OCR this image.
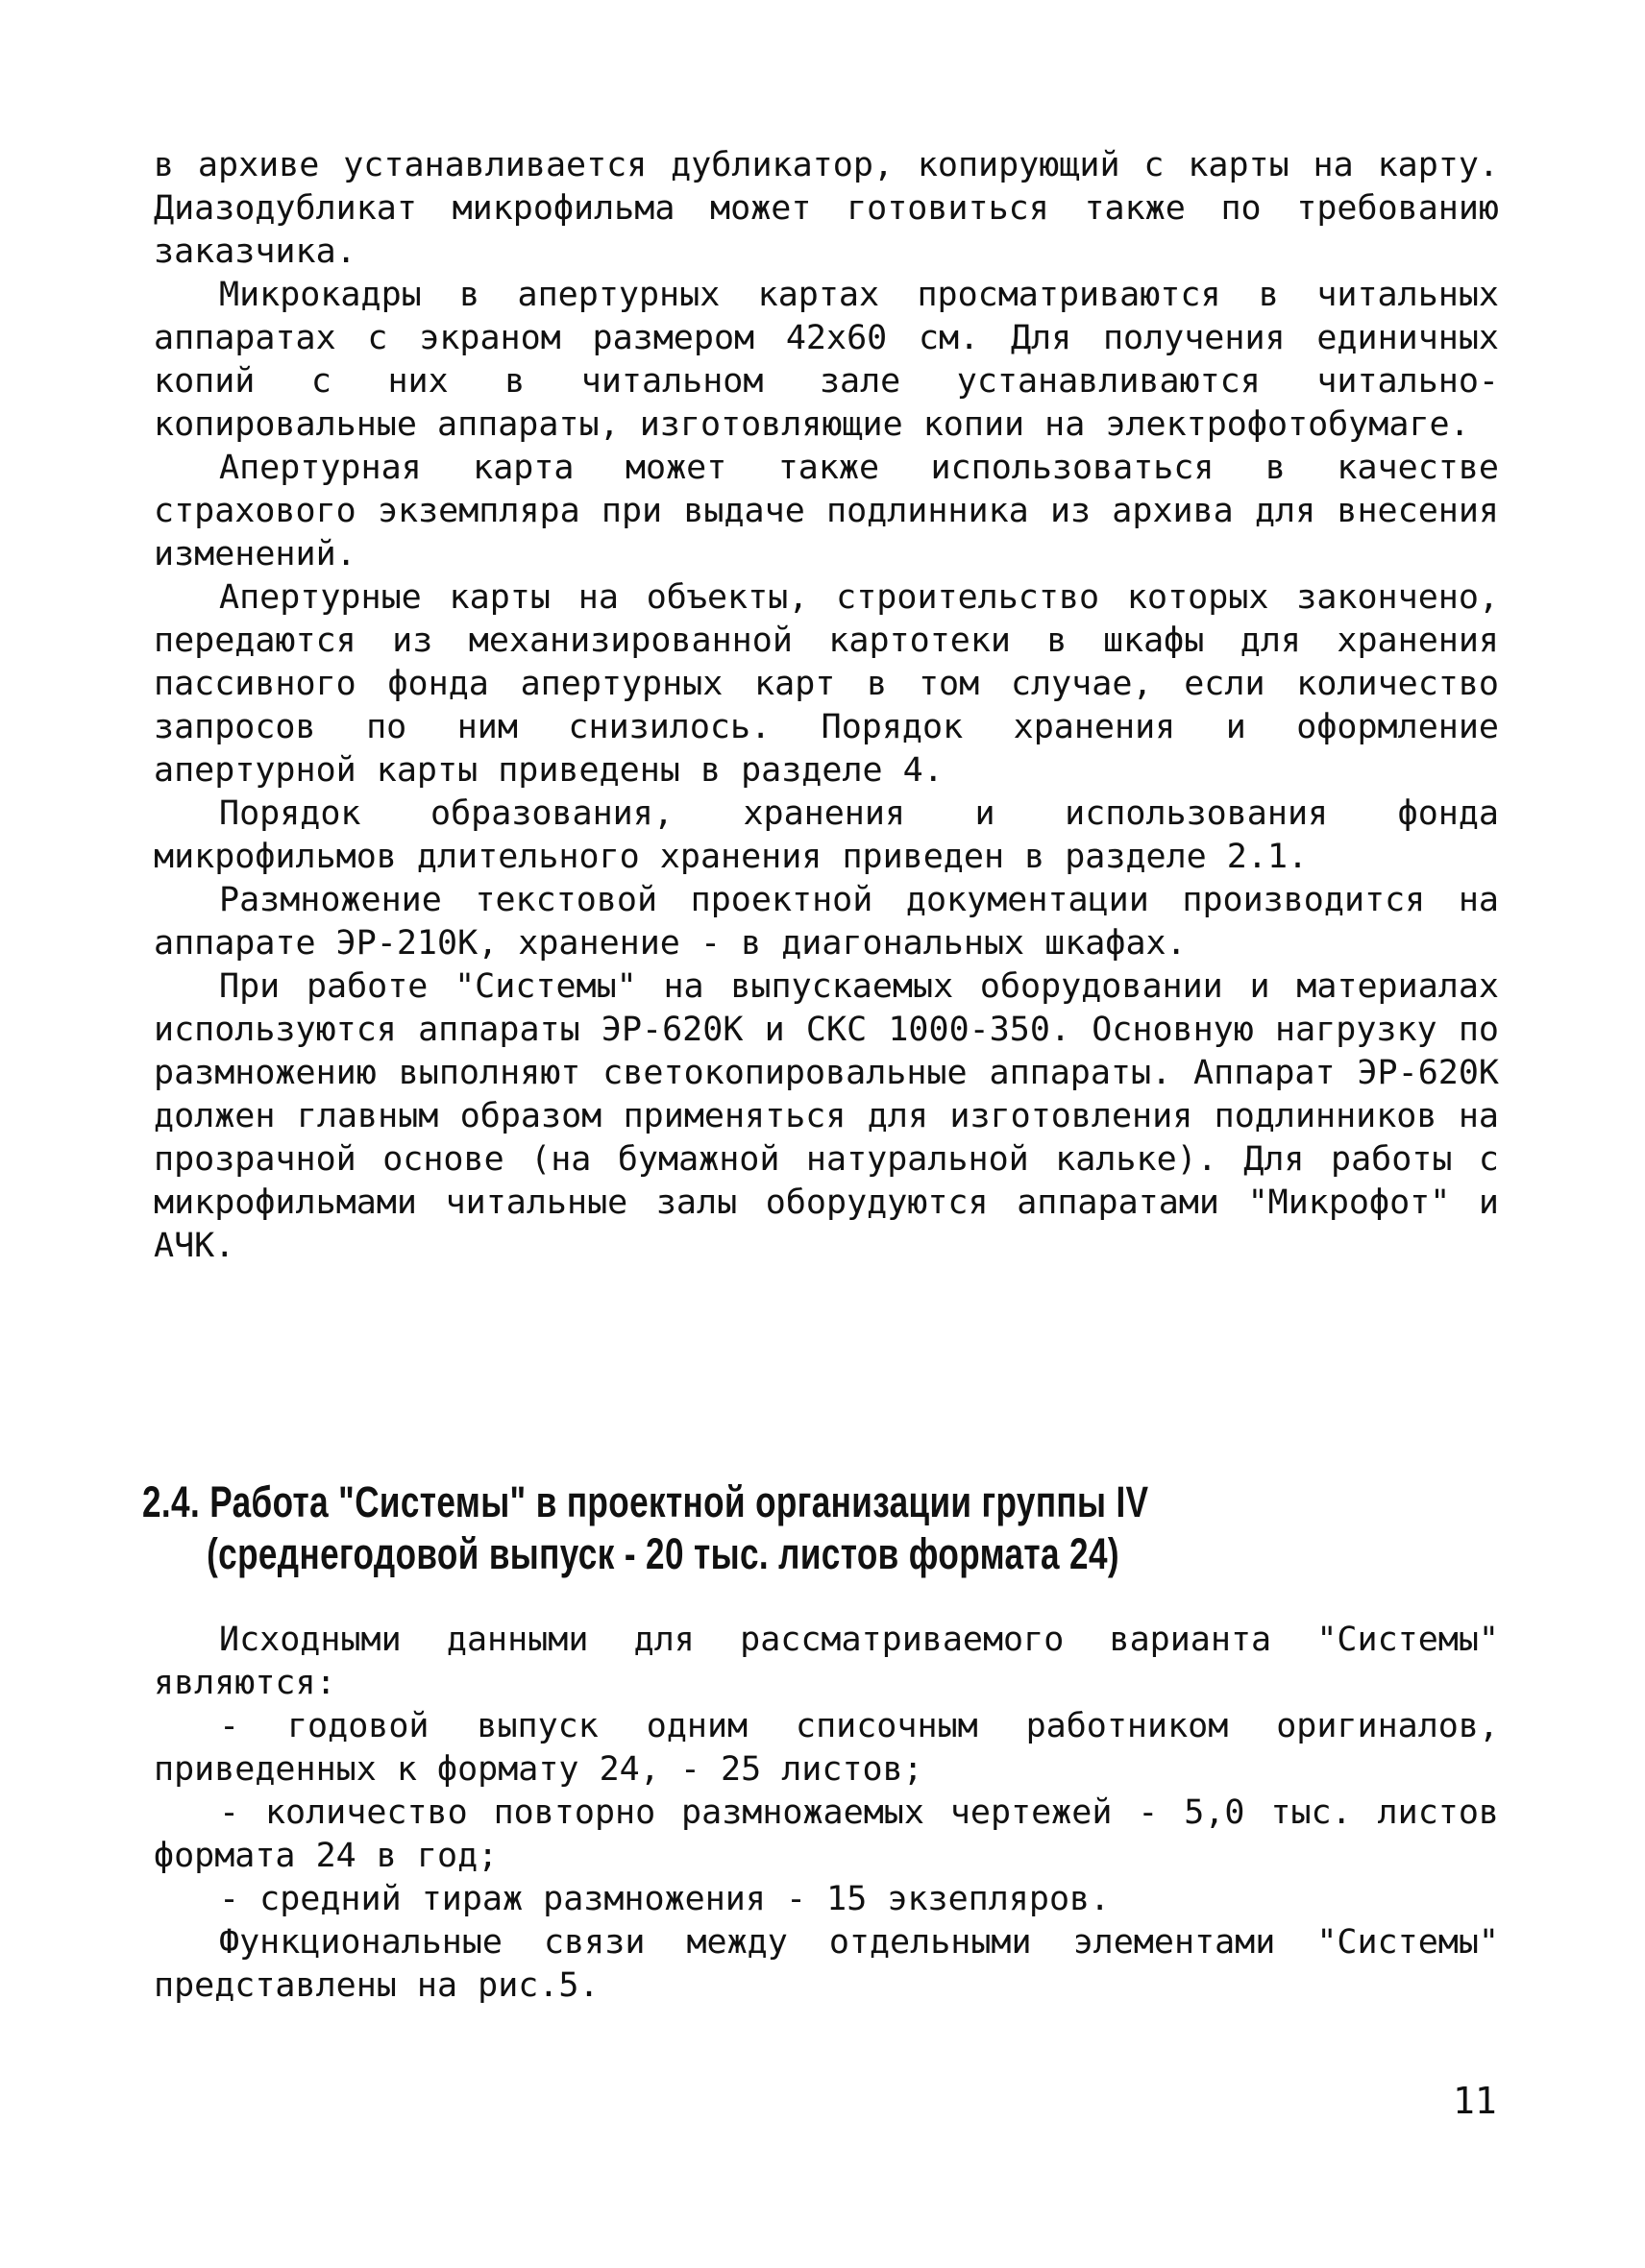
в архиве устанавливается дубликатор, копирующий с карты на карту. Диазодубликат микрофильма может готовиться также по требованию заказчика.

Микрокадры в апертурных картах просматриваются в читальных аппаратах с экраном размером 42х60 см. Для получения единичных копий с них в читальном зале устанавливаются читально-копировальные аппараты, изготовляющие копии на электрофотобумаге.

Апертурная карта может также использоваться в качестве страхового экземпляра при выдаче подлинника из архива для внесения изменений.

Апертурные карты на объекты, строительство которых закончено, передаются из механизированной картотеки в шкафы для хранения пассивного фонда апертурных карт в том случае, если количество запросов по ним снизилось. Порядок хранения и оформление апертурной карты приведены в разделе 4.

Порядок образования, хранения и использования фонда микрофильмов длительного хранения приведен в разделе 2.1.

Размножение текстовой проектной документации производится на аппарате ЭР-210К, хранение - в диагональных шкафах.

При работе "Системы" на выпускаемых оборудовании и материалах используются аппараты ЭР-620К и СКС 1000-350. Основную нагрузку по размножению выполняют светокопировальные аппараты. Аппарат ЭР-620К должен главным образом применяться для изготовления подлинников на прозрачной основе (на бумажной натуральной кальке). Для работы с микрофильмами читальные залы оборудуются аппаратами "Микрофот" и АЧК.

2.4. Работа "Системы" в проектной организации группы IV
(среднегодовой выпуск - 20 тыс. листов формата 24)

Исходными данными для рассматриваемого варианта "Системы" являются:

- годовой выпуск одним списочным работником оригиналов, приведенных к формату 24, - 25 листов;

- количество повторно размножаемых чертежей - 5,0 тыс. листов формата 24 в год;

- средний тираж размножения - 15 экзепляров.

Функциональные связи между отдельными элементами "Системы" представлены на рис.5.

11
